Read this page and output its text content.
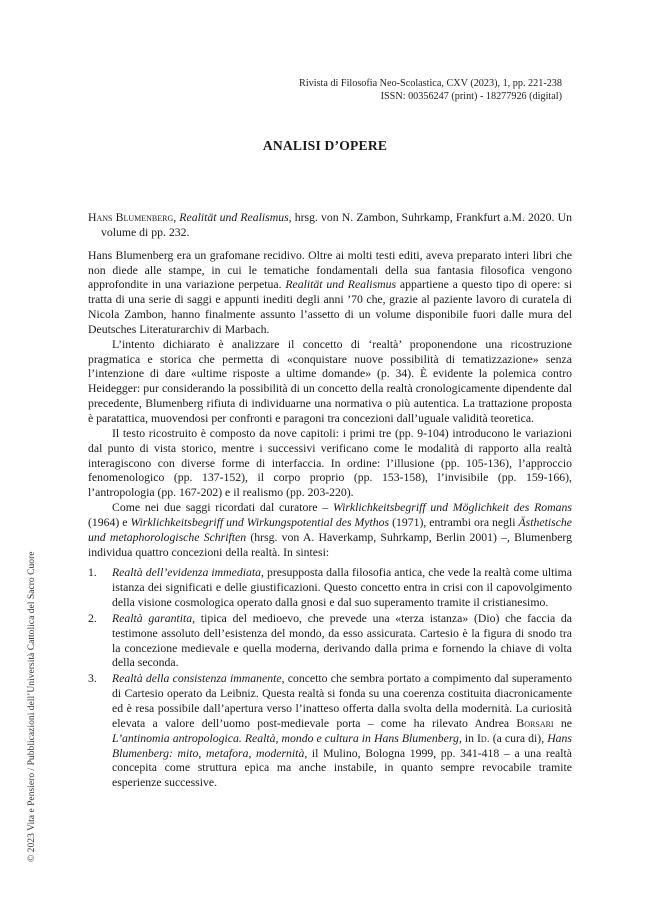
Rivista di Filosofia Neo-Scolastica, CXV (2023), 1, pp. 221-238
ISSN: 00356247 (print) - 18277926 (digital)
ANALISI D’OPERE

Hans Blumenberg, Realität und Realismus, hrsg. von N. Zambon, Suhrkamp, Frankfurt a.M. 2020. Un volume di pp. 232.

Hans Blumenberg era un grafomane recidivo. Oltre ai molti testi editi, aveva preparato interi libri che non diede alle stampe, in cui le tematiche fondamentali della sua fantasia filosofica vengono approfondite in una variazione perpetua. Realität und Realismus appartiene a questo tipo di opere: si tratta di una serie di saggi e appunti inediti degli anni ’70 che, grazie al paziente lavoro di curatela di Nicola Zambon, hanno finalmente assunto l’assetto di un volume disponibile fuori dalle mura del Deutsches Literaturarchiv di Marbach.

L’intento dichiarato è analizzare il concetto di ‘realtà’ proponendone una ricostruzione pragmatica e storica che permetta di «conquistare nuove possibilità di tematizzazione» senza l’intenzione di dare «ultime risposte a ultime domande» (p. 34). È evidente la polemica contro Heidegger: pur considerando la possibilità di un concetto della realtà cronologicamente dipendente dal precedente, Blumenberg rifiuta di individuarne una normativa o più autentica. La trattazione proposta è paratattica, muovendosi per confronti e paragoni tra concezioni dall’uguale validità teoretica.

Il testo ricostruito è composto da nove capitoli: i primi tre (pp. 9-104) introducono le variazioni dal punto di vista storico, mentre i successivi verificano come le modalità di rapporto alla realtà interagiscono con diverse forme di interfaccia. In ordine: l’illusione (pp. 105-136), l’approccio fenomenologico (pp. 137-152), il corpo proprio (pp. 153-158), l’invisibile (pp. 159-166), l’antropologia (pp. 167-202) e il realismo (pp. 203-220).

Come nei due saggi ricordati dal curatore – Wirklichkeitsbegriff und Möglichkeit des Romans (1964) e Wirklichkeitsbegriff und Wirkungspotential des Mythos (1971), entrambi ora negli Ästhetische und metaphorologische Schriften (hrsg. von A. Haverkamp, Suhrkamp, Berlin 2001) –, Blumenberg individua quattro concezioni della realtà. In sintesi:

1. Realtà dell’evidenza immediata, presupposta dalla filosofia antica, che vede la realtà come ultima istanza dei significati e delle giustificazioni. Questo concetto entra in crisi con il capovolgimento della visione cosmologica operato dalla gnosi e dal suo superamento tramite il cristianesimo.
2. Realtà garantita, tipica del medioevo, che prevede una «terza istanza» (Dio) che faccia da testimone assoluto dell’esistenza del mondo, da esso assicurata. Cartesio è la figura di snodo tra la concezione medievale e quella moderna, derivando dalla prima e fornendo la chiave di volta della seconda.
3. Realtà della consistenza immanente, concetto che sembra portato a compimento dal superamento di Cartesio operato da Leibniz. Questa realtà si fonda su una coerenza costituita diacronicamente ed è resa possibile dall’apertura verso l’inatteso offerta dalla svolta della modernità. La curiosità elevata a valore dell’uomo post-medievale porta – come ha rilevato Andrea Borsari ne L’antinomia antropologica. Realtà, mondo e cultura in Hans Blumenberg, in Id. (a cura di), Hans Blumenberg: mito, metafora, modernità, il Mulino, Bologna 1999, pp. 341-418 – a una realtà concepita come struttura epica ma anche instabile, in quanto sempre revocabile tramite esperienze successive.
© 2023 Vita e Pensiero / Pubblicazioni dell’Università Cattolica del Sacro Cuore
